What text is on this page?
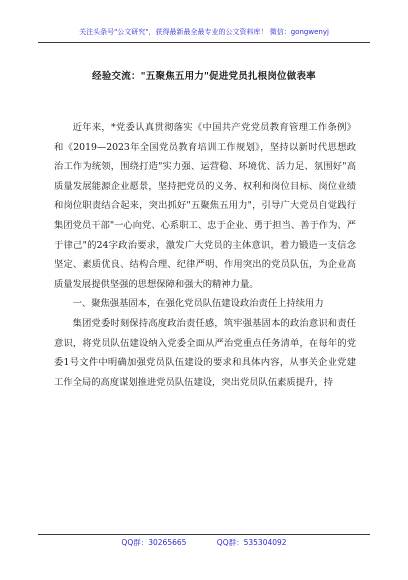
关注头条号"公文研究"，获得最新最全最专业的公文资料库！ 微信：gongwenyj
经验交流："五聚焦五用力"促进党员扎根岗位做表率

近年来，*党委认真贯彻落实《中国共产党党员教育管理工作条例》和《2019—2023年全国党员教育培训工作规划》，坚持以新时代思想政治工作为统领，围绕打造"实力强、运营稳、环境优、活力足、氛围好"高质量发展能源企业愿景，坚持把党员的义务、权利和岗位目标、岗位业绩和岗位职责结合起来，突出抓好"五聚焦五用力"，引导广大党员自觉践行集团党员干部"一心向党、心系职工、忠于企业、勇于担当、善于作为、严于律己"的24字政治要求，激发广大党员的主体意识，着力锻造一支信念坚定、素质优良、结构合理、纪律严明、作用突出的党员队伍，为企业高质量发展提供坚强的思想保障和强大的精神力量。

一、聚焦强基固本，在强化党员队伍建设政治责任上持续用力

集团党委时刻保持高度政治责任感，筑牢强基固本的政治意识和责任意识，将党员队伍建设纳入党委全面从严治党重点任务清单，在每年的党委1号文件中明确加强党员队伍建设的要求和具体内容，从事关企业党建工作全局的高度谋划推进党员队伍建设，突出党员队伍素质提升，持

QQ群：30265665	QQ群：535304092
